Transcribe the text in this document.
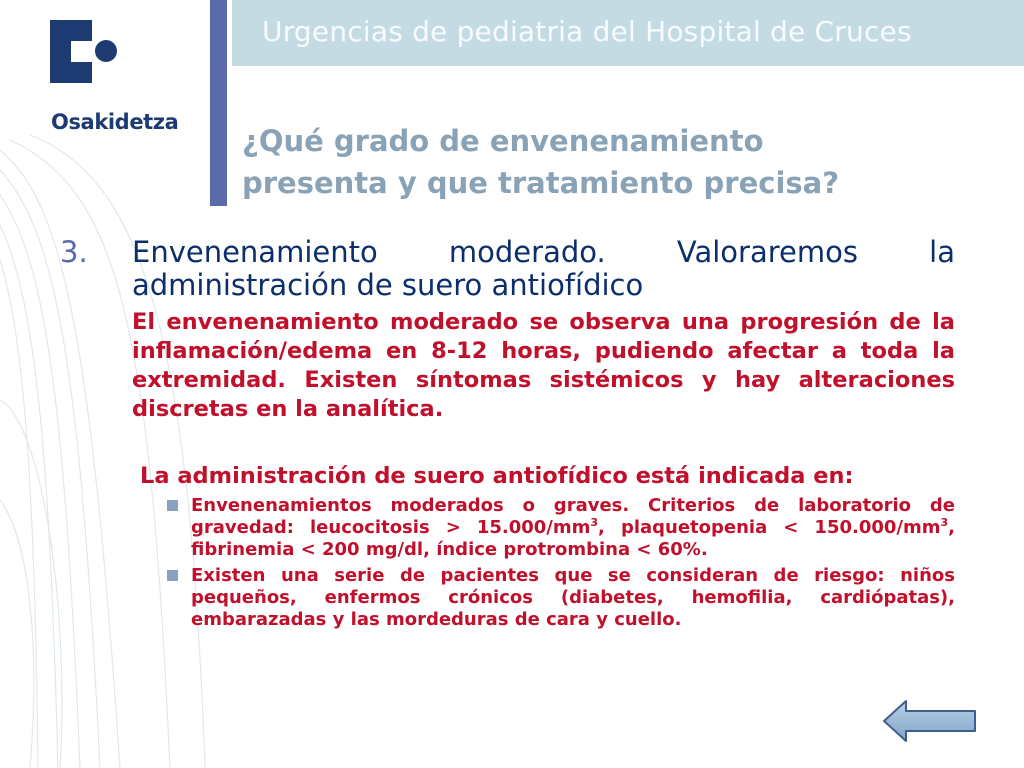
Urgencias de pediatria del Hospital de Cruces
Osakidetza
¿Qué grado de envenenamiento
presenta y que tratamiento precisa?
3.	Envenenamiento moderado. Valoraremos la
administración de suero antiofídico
El envenenamiento moderado se observa una progresión de la inflamación/edema en 8-12 horas, pudiendo afectar a toda la extremidad. Existen síntomas sistémicos y hay alteraciones discretas en la analítica.
La administración de suero antiofídico está indicada en:
Envenenamientos moderados o graves. Criterios de laboratorio de gravedad: leucocitosis > $15.000/mm^3$, plaquetopenia < $150.000/mm^3$, fibrinemia < 200 mg/dl, índice protrombina < 60%.
Existen una serie de pacientes que se consideran de riesgo: niños pequeños, enfermos crónicos (diabetes, hemofilia, cardiópatas), embarazadas y las mordeduras de cara y cuello.
